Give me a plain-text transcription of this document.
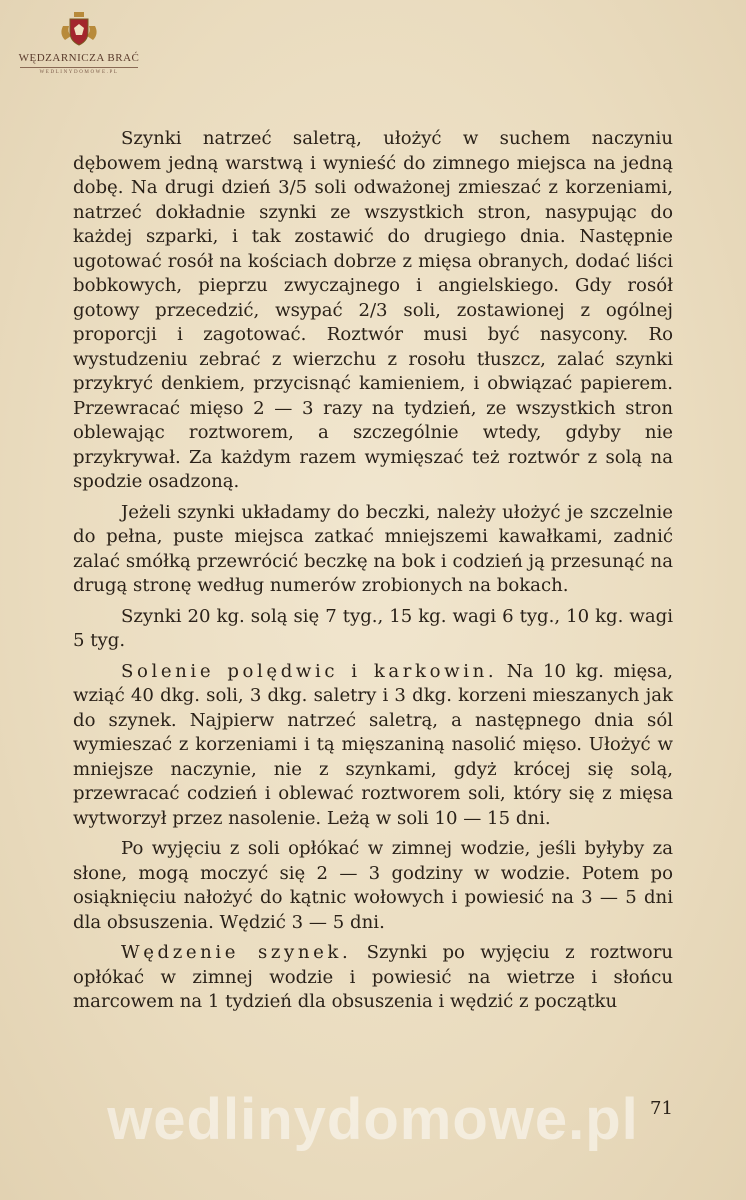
WĘDZARNICZA BRAĆ
WEDLINYDOMOWE.PL

Szynki natrzeć saletrą, ułożyć w suchem naczyniu dębowem jedną warstwą i wynieść do zimnego miejsca na jedną dobę. Na drugi dzień 3/5 soli odważonej zmieszać z korzeniami, natrzeć dokładnie szynki ze wszystkich stron, nasypując do każdej szparki, i tak zostawić do drugiego dnia. Następnie ugotować rosół na kościach dobrze z mięsa obranych, dodać liści bobkowych, pieprzu zwyczajnego i angielskiego. Gdy rosół gotowy przecedzić, wsypać 2/3 soli, zostawionej z ogólnej proporcji i zagotować. Roztwór musi być nasycony. Ro wystudzeniu zebrać z wierzchu z rosołu tłuszcz, zalać szynki przykryć denkiem, przycisnąć kamieniem, i obwiązać papierem. Przewracać mięso 2 — 3 razy na tydzień, ze wszystkich stron oblewając roztworem, a szczególnie wtedy, gdyby nie przykrywał. Za każdym razem wymięszać też roztwór z solą na spodzie osadzoną.

Jeżeli szynki układamy do beczki, należy ułożyć je szczelnie do pełna, puste miejsca zatkać mniejszemi kawałkami, zadnić zalać smółką przewrócić beczkę na bok i codzień ją przesunąć na drugą stronę według numerów zrobionych na bokach.

Szynki 20 kg. solą się 7 tyg., 15 kg. wagi 6 tyg., 10 kg. wagi 5 tyg.

Solenie polędwic i karkowin. Na 10 kg. mięsa, wziąć 40 dkg. soli, 3 dkg. saletry i 3 dkg. korzeni mieszanych jak do szynek. Najpierw natrzeć saletrą, a następnego dnia sól wymieszać z korzeniami i tą mięszaniną nasolić mięso. Ułożyć w mniejsze naczynie, nie z szynkami, gdyż krócej się solą, przewracać codzień i oblewać roztworem soli, który się z mięsa wytworzył przez nasolenie. Leżą w soli 10 — 15 dni.

Po wyjęciu z soli opłókać w zimnej wodzie, jeśli byłyby za słone, mogą moczyć się 2 — 3 godziny w wodzie. Potem po osiąknięciu nałożyć do kątnic wołowych i powiesić na 3 — 5 dni dla obsuszenia. Wędzić 3 — 5 dni.

Wędzenie szynek. Szynki po wyjęciu z roztworu opłókać w zimnej wodzie i powiesić na wietrze i słońcu marcowem na 1 tydzień dla obsuszenia i wędzić z początku

71
wedlinydomowe.pl
